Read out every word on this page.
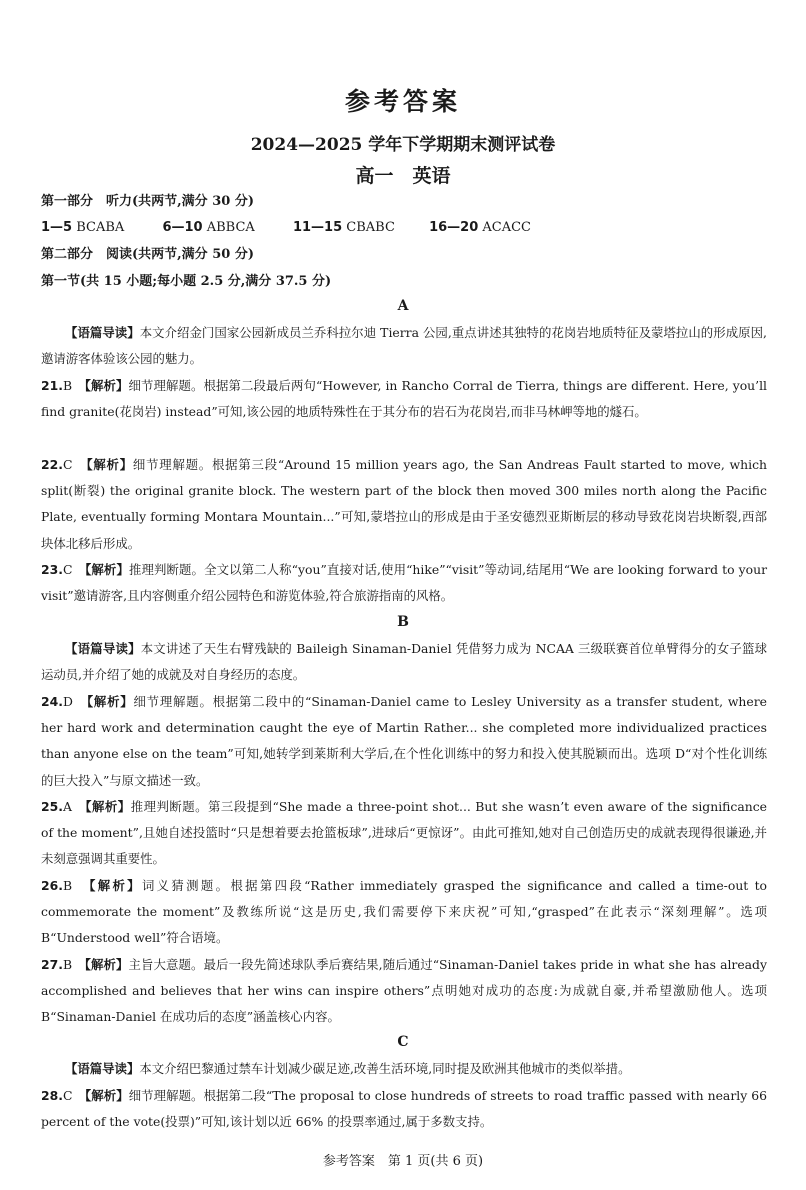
参考答案
2024—2025 学年下学期期末测评试卷
高一　英语
第一部分　听力(共两节,满分 30 分)
1—5 BCABA	6—10 ABBCA	11—15 CBABC	16—20 ACACC
第二部分　阅读(共两节,满分 50 分)
第一节(共 15 小题;每小题 2.5 分,满分 37.5 分)
A
【语篇导读】本文介绍金门国家公园新成员兰乔科拉尔迪 Tierra 公园,重点讲述其独特的花岗岩地质特征及蒙塔拉山的形成原因,邀请游客体验该公园的魅力。
21.B　 【解析】细节理解题。根据第二段最后两句“However, in Rancho Corral de Tierra, things are different. Here, you’ll find granite(花岗岩) instead”可知,该公园的地质特殊性在于其分布的岩石为花岗岩,而非马林岬等地的燧石。
22.C　 【解析】细节理解题。根据第三段“Around 15 million years ago, the San Andreas Fault started to move, which split(断裂) the original granite block. The western part of the block then moved 300 miles north along the Pacific Plate, eventually forming Montara Mountain...”可知,蒙塔拉山的形成是由于圣安德烈亚斯断层的移动导致花岗岩块断裂,西部块体北移后形成。
23.C　 【解析】推理判断题。全文以第二人称“you”直接对话,使用“hike”“visit”等动词,结尾用“We are looking forward to your visit”邀请游客,且内容侧重介绍公园特色和游览体验,符合旅游指南的风格。
B
【语篇导读】本文讲述了天生右臂残缺的 Baileigh Sinaman-Daniel 凭借努力成为 NCAA 三级联赛首位单臂得分的女子篮球运动员,并介绍了她的成就及对自身经历的态度。
24.D　 【解析】细节理解题。根据第二段中的“Sinaman-Daniel came to Lesley University as a transfer student, where her hard work and determination caught the eye of Martin Rather... she completed more individualized practices than anyone else on the team”可知,她转学到莱斯利大学后,在个性化训练中的努力和投入使其脱颖而出。选项 D“对个性化训练的巨大投入”与原文描述一致。
25.A　 【解析】推理判断题。第三段提到“She made a three-point shot... But she wasn’t even aware of the significance of the moment”,且她自述投篮时“只是想着要去抢篮板球”,进球后“更惊讶”。由此可推知,她对自己创造历史的成就表现得很谦逊,并未刻意强调其重要性。
26.B　 【解析】词义猜测题。根据第四段“Rather immediately grasped the significance and called a time-out to commemorate the moment”及教练所说“这是历史,我们需要停下来庆祝”可知,“grasped”在此表示“深刻理解”。选项 B“Understood well”符合语境。
27.B　 【解析】主旨大意题。最后一段先简述球队季后赛结果,随后通过“Sinaman-Daniel takes pride in what she has already accomplished and believes that her wins can inspire others”点明她对成功的态度:为成就自豪,并希望激励他人。选项 B“Sinaman-Daniel 在成功后的态度”涵盖核心内容。
C
【语篇导读】本文介绍巴黎通过禁车计划减少碳足迹,改善生活环境,同时提及欧洲其他城市的类似举措。
28.C　 【解析】细节理解题。根据第二段“The proposal to close hundreds of streets to road traffic passed with nearly 66 percent of the vote(投票)”可知,该计划以近 66% 的投票率通过,属于多数支持。
参考答案　第 1 页(共 6 页)
